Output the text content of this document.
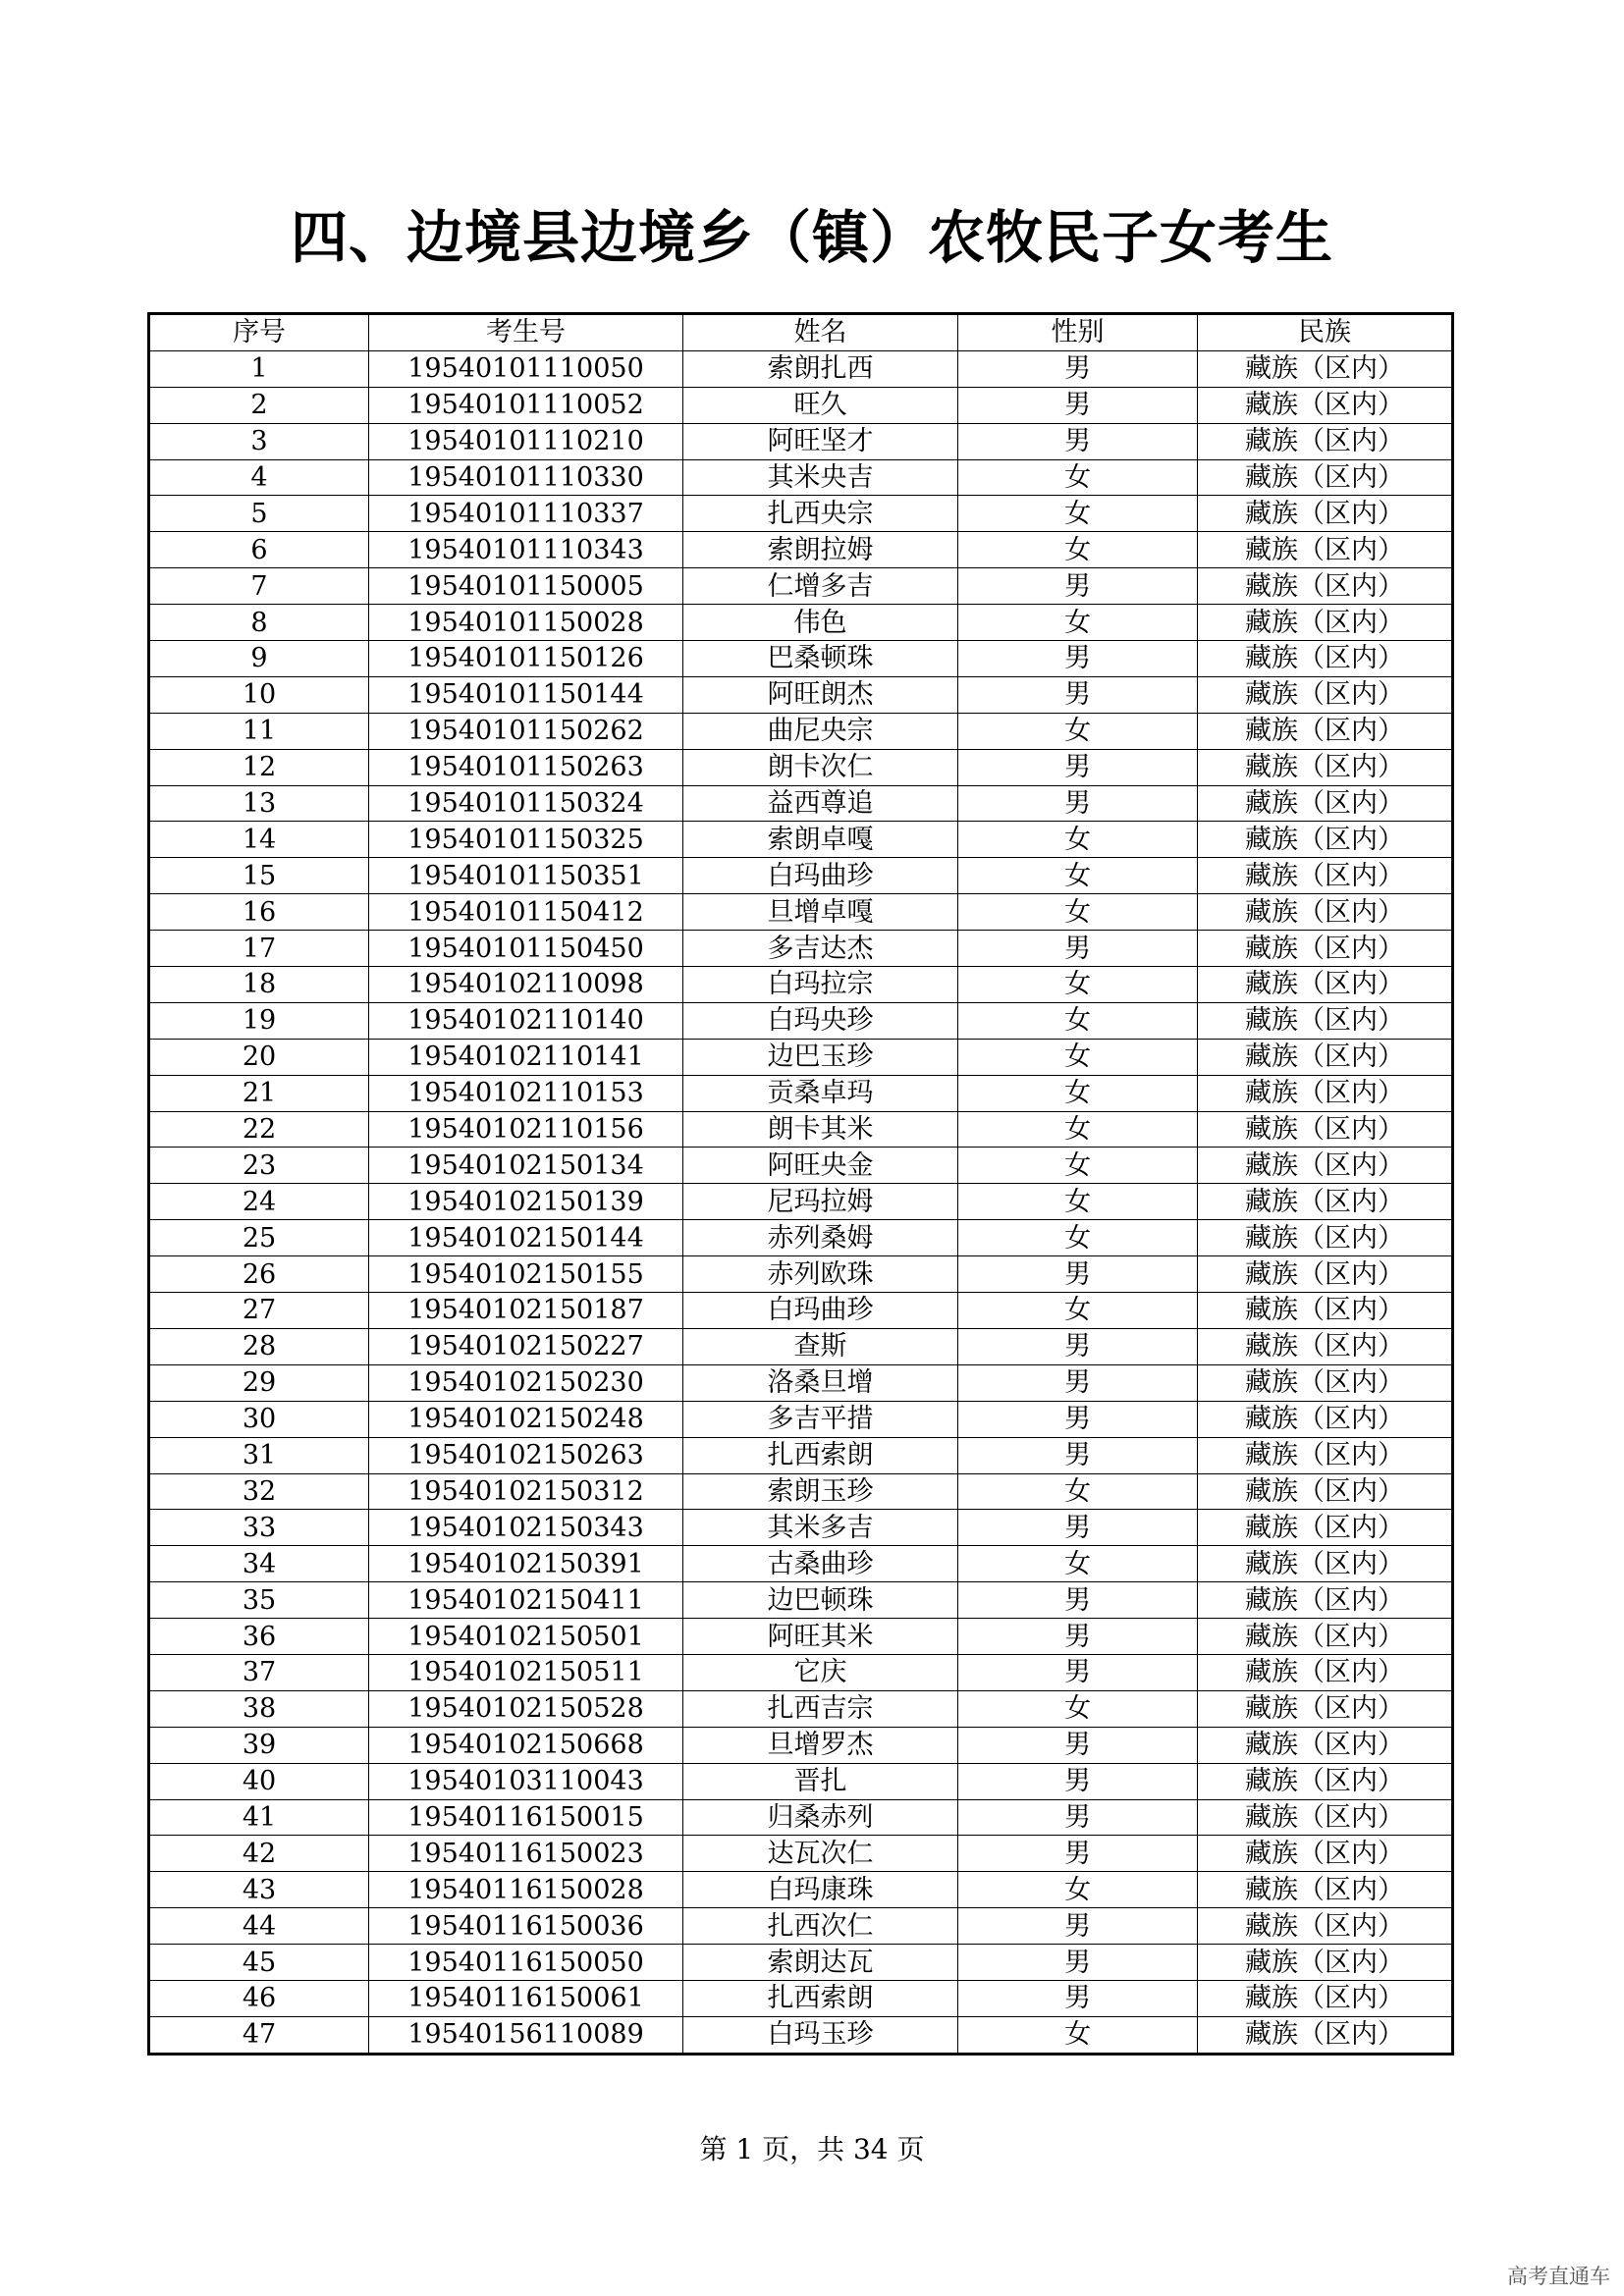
四、边境县边境乡（镇）农牧民子女考生
序号	考生号	姓名	性别	民族
1	19540101110050	索朗扎西	男	藏族（区内）
2	19540101110052	旺久	男	藏族（区内）
3	19540101110210	阿旺坚才	男	藏族（区内）
4	19540101110330	其米央吉	女	藏族（区内）
5	19540101110337	扎西央宗	女	藏族（区内）
6	19540101110343	索朗拉姆	女	藏族（区内）
7	19540101150005	仁增多吉	男	藏族（区内）
8	19540101150028	伟色	女	藏族（区内）
9	19540101150126	巴桑顿珠	男	藏族（区内）
10	19540101150144	阿旺朗杰	男	藏族（区内）
11	19540101150262	曲尼央宗	女	藏族（区内）
12	19540101150263	朗卡次仁	男	藏族（区内）
13	19540101150324	益西尊追	男	藏族（区内）
14	19540101150325	索朗卓嘎	女	藏族（区内）
15	19540101150351	白玛曲珍	女	藏族（区内）
16	19540101150412	旦增卓嘎	女	藏族（区内）
17	19540101150450	多吉达杰	男	藏族（区内）
18	19540102110098	白玛拉宗	女	藏族（区内）
19	19540102110140	白玛央珍	女	藏族（区内）
20	19540102110141	边巴玉珍	女	藏族（区内）
21	19540102110153	贡桑卓玛	女	藏族（区内）
22	19540102110156	朗卡其米	女	藏族（区内）
23	19540102150134	阿旺央金	女	藏族（区内）
24	19540102150139	尼玛拉姆	女	藏族（区内）
25	19540102150144	赤列桑姆	女	藏族（区内）
26	19540102150155	赤列欧珠	男	藏族（区内）
27	19540102150187	白玛曲珍	女	藏族（区内）
28	19540102150227	查斯	男	藏族（区内）
29	19540102150230	洛桑旦增	男	藏族（区内）
30	19540102150248	多吉平措	男	藏族（区内）
31	19540102150263	扎西索朗	男	藏族（区内）
32	19540102150312	索朗玉珍	女	藏族（区内）
33	19540102150343	其米多吉	男	藏族（区内）
34	19540102150391	古桑曲珍	女	藏族（区内）
35	19540102150411	边巴顿珠	男	藏族（区内）
36	19540102150501	阿旺其米	男	藏族（区内）
37	19540102150511	它庆	男	藏族（区内）
38	19540102150528	扎西吉宗	女	藏族（区内）
39	19540102150668	旦增罗杰	男	藏族（区内）
40	19540103110043	晋扎	男	藏族（区内）
41	19540116150015	归桑赤列	男	藏族（区内）
42	19540116150023	达瓦次仁	男	藏族（区内）
43	19540116150028	白玛康珠	女	藏族（区内）
44	19540116150036	扎西次仁	男	藏族（区内）
45	19540116150050	索朗达瓦	男	藏族（区内）
46	19540116150061	扎西索朗	男	藏族（区内）
47	19540156110089	白玛玉珍	女	藏族（区内）
第 1 页，共 34 页
高考直通车
